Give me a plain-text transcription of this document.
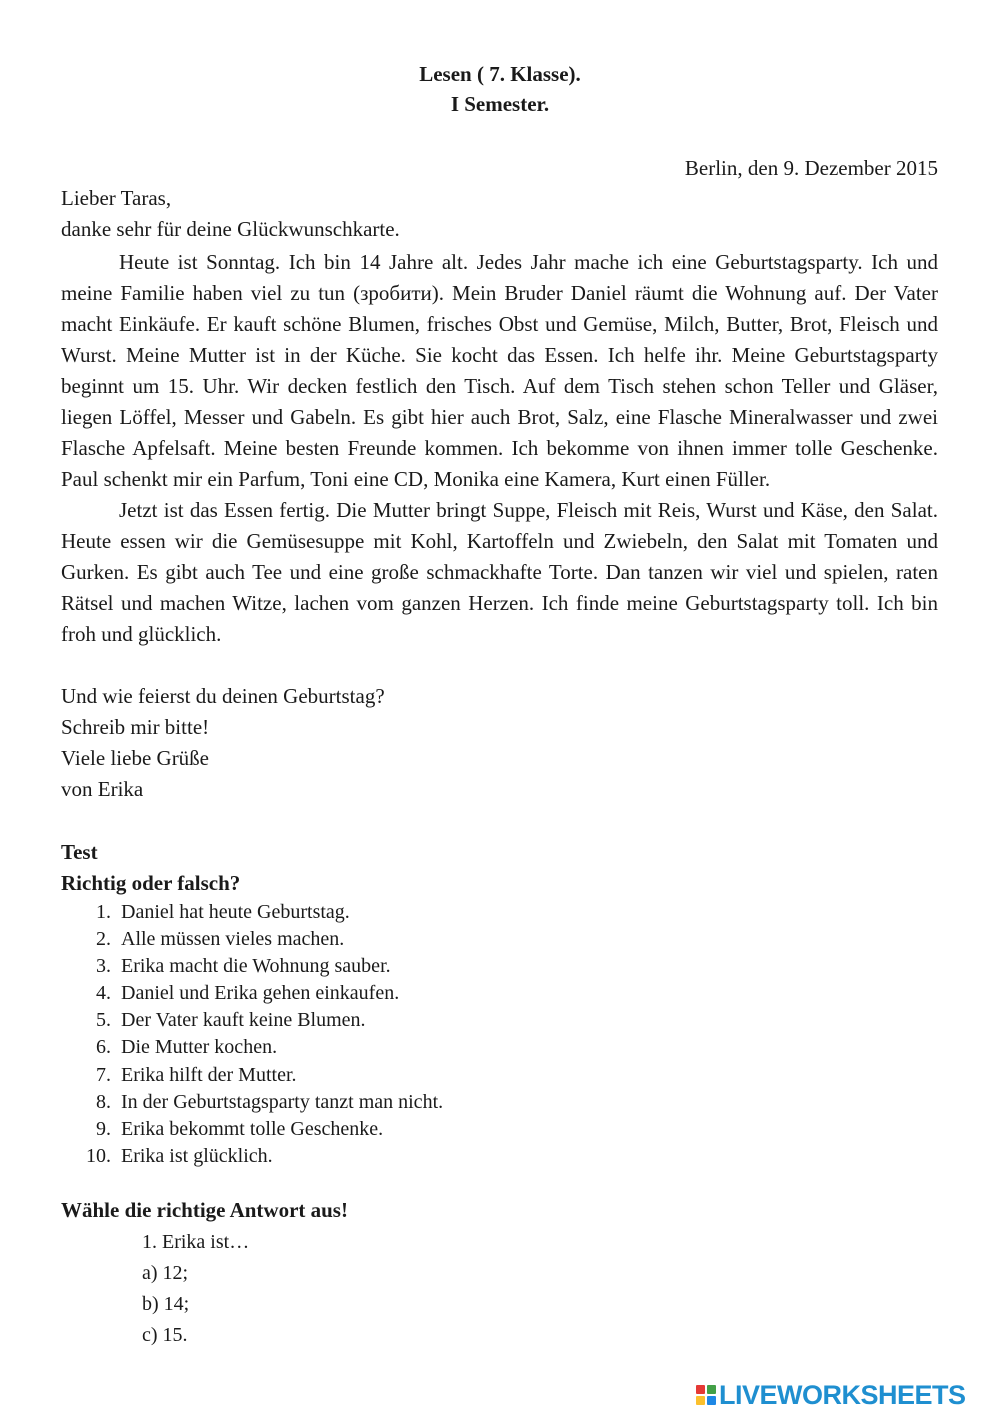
Lesen ( 7. Klasse).
I Semester.
Berlin, den 9. Dezember 2015
Lieber Taras,
danke sehr für deine Glückwunschkarte.

Heute ist Sonntag. Ich bin 14 Jahre alt. Jedes Jahr mache ich eine Geburtstagsparty. Ich und meine Familie haben viel zu tun (зробити). Mein Bruder Daniel räumt die Wohnung auf. Der Vater macht Einkäufe. Er kauft schöne Blumen, frisches Obst und Gemüse, Milch, Butter, Brot, Fleisch und Wurst. Meine Mutter ist in der Küche. Sie kocht das Essen. Ich helfe ihr. Meine Geburtstagsparty beginnt um 15. Uhr. Wir decken festlich den Tisch. Auf dem Tisch stehen schon Teller und Gläser, liegen Löffel, Messer und Gabeln. Es gibt hier auch Brot, Salz, eine Flasche Mineralwasser und zwei Flasche Apfelsaft. Meine besten Freunde kommen. Ich bekomme von ihnen immer tolle Geschenke. Paul schenkt mir ein Parfum, Toni eine CD, Monika eine Kamera, Kurt einen Füller.

Jetzt ist das Essen fertig. Die Mutter bringt Suppe, Fleisch mit Reis, Wurst und Käse, den Salat. Heute essen wir die Gemüsesuppe mit Kohl, Kartoffeln und Zwiebeln, den Salat mit Tomaten und Gurken. Es gibt auch Tee und eine große schmackhafte Torte. Dan tanzen wir viel und spielen, raten Rätsel und machen Witze, lachen vom ganzen Herzen. Ich finde meine Geburtstagsparty toll. Ich bin froh und glücklich.

Und wie feierst du deinen Geburtstag?
Schreib mir bitte!
Viele liebe Grüße
von Erika
Test
Richtig oder falsch?
1. Daniel hat heute Geburtstag.
2. Alle müssen vieles machen.
3. Erika macht die Wohnung sauber.
4. Daniel und Erika gehen einkaufen.
5. Der Vater kauft keine Blumen.
6. Die Mutter kochen.
7. Erika hilft der Mutter.
8. In der Geburtstagsparty tanzt man nicht.
9. Erika bekommt tolle Geschenke.
10. Erika ist glücklich.
Wähle die richtige Antwort aus!
1. Erika ist…
a) 12;
b) 14;
c) 15.
LIVEWORKSHEETS
